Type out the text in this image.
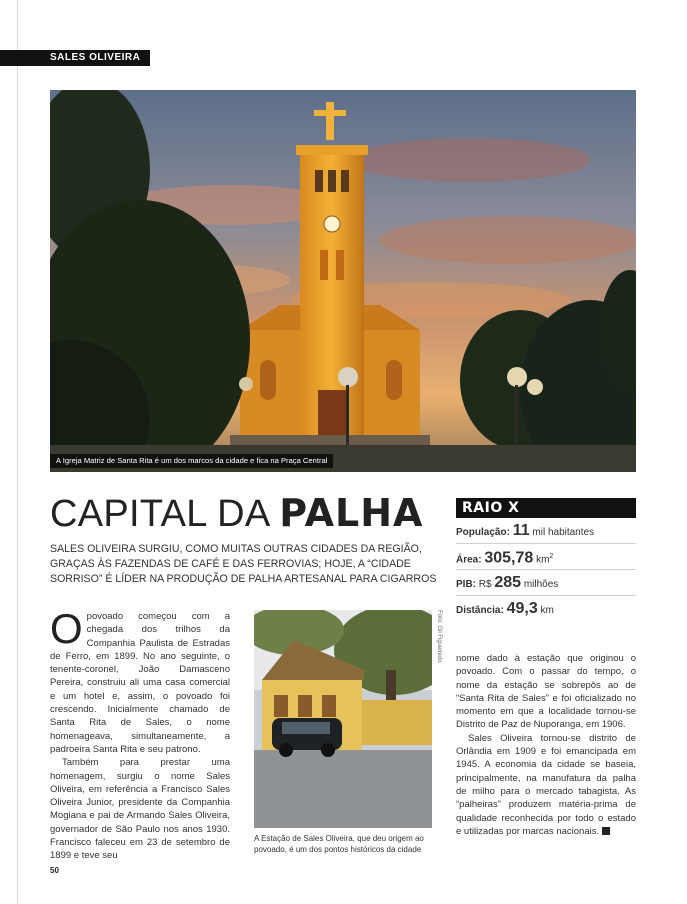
SALES OLIVEIRA
A Igreja Matriz de Santa Rita é um dos marcos da cidade e fica na Praça Central
CAPITAL DA PALHA
SALES OLIVEIRA SURGIU, COMO MUITAS OUTRAS CIDADES DA REGIÃO, GRAÇAS ÀS FAZENDAS DE CAFÉ E DAS FERROVIAS; HOJE, A “CIDADE SORRISO” É LÍDER NA PRODUÇÃO DE PALHA ARTESANAL PARA CIGARROS

Opovoado começou com a chegada dos trilhos da Companhia Paulista de Estradas de Ferro, em 1899. No ano seguinte, o tenente-coronel, João Damasceno Pereira, construiu ali uma casa comercial e um hotel e, assim, o povoado foi crescendo. Inicialmente chamado de Santa Rita de Sales, o nome homenageava, simultaneamente, a padroeira Santa Rita e seu patrono.

Também para prestar uma homenagem, surgiu o nome Sales Oliveira, em referência a Francisco Sales Oliveira Junior, presidente da Companhia Mogiana e pai de Armando Sales Oliveira, governador de São Paulo nos anos 1930. Francisco faleceu em 23 de setembro de 1899 e teve seu

Foto: Gil Figueiredo
A Estação de Sales Oliveira, que deu origem ao povoado, é um dos pontos históricos da cidade
RAIO X
População: 11 mil habitantes
Área: 305,78 $km^2$
PIB: R$ 285 milhões
Distância: 49,3 km

nome dado à estação que originou o povoado. Com o passar do tempo, o nome da estação se sobrepôs ao de “Santa Rita de Sales” e foi oficializado no momento em que a localidade tornou-se Distrito de Paz de Nuporanga, em 1906.

Sales Oliveira tornou-se distrito de Orlândia em 1909 e foi emancipada em 1945. A economia da cidade se baseia, principalmente, na manufatura da palha de milho para o mercado tabagista. As “palheiras” produzem matéria-prima de qualidade reconhecida por todo o estado e utilizadas por marcas nacionais.

50
